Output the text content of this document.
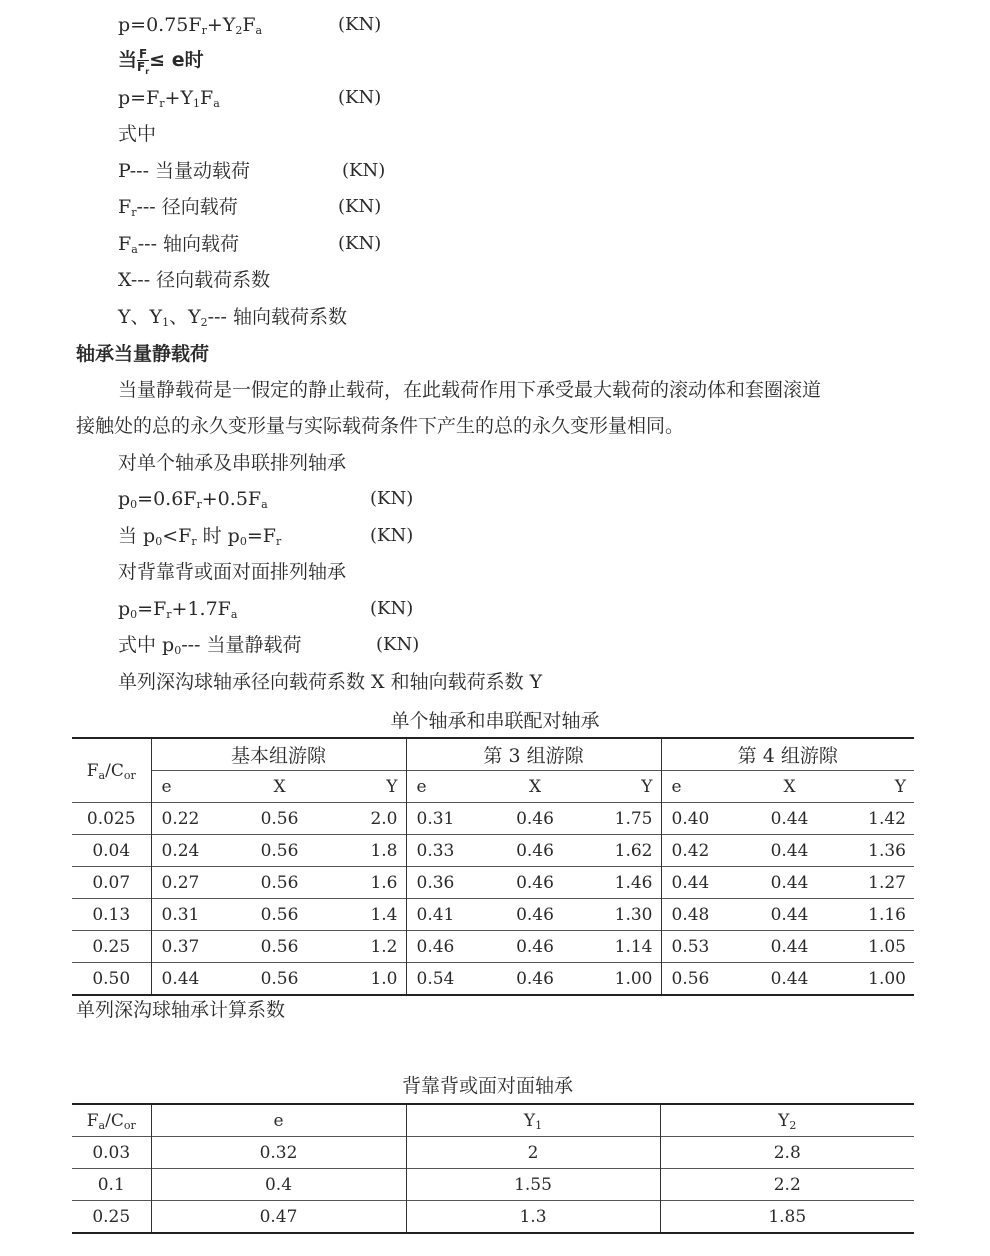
$p=0.75F_r+Y_2F_a$	(KN)
当 $\frac{F}{F_r} \le e$时
$p=F_r+Y_1F_a$	(KN)
式中
P--- 当量动载荷	(KN)
$F_r---$ 径向载荷	(KN)
$F_a---$ 轴向载荷	(KN)
X--- 径向载荷系数
Y、$Y_1$、$Y_2---$ 轴向载荷系数
轴承当量静载荷
当量静载荷是一假定的静止载荷，在此载荷作用下承受最大载荷的滚动体和套圈滚道
接触处的总的永久变形量与实际载荷条件下产生的总的永久变形量相同。
对单个轴承及串联排列轴承
$p_0=0.6F_r+0.5F_a$	(KN)
当 $p_0<F_r$ 时 $p_0=F_r$	(KN)
对背靠背或面对面排列轴承
$p_0=F_r+1.7F_a$	(KN)
式中 $p_0---$ 当量静载荷	(KN)
单列深沟球轴承径向载荷系数 X 和轴向载荷系数 Y
单个轴承和串联配对轴承
$F_a/C_{or}$	基本组游隙			第 3 组游隙			第 4 组游隙		
	e	X	Y	e	X	Y	e	X	Y
0.025	0.22	0.56	2.0	0.31	0.46	1.75	0.40	0.44	1.42
0.04	0.24	0.56	1.8	0.33	0.46	1.62	0.42	0.44	1.36
0.07	0.27	0.56	1.6	0.36	0.46	1.46	0.44	0.44	1.27
0.13	0.31	0.56	1.4	0.41	0.46	1.30	0.48	0.44	1.16
0.25	0.37	0.56	1.2	0.46	0.46	1.14	0.53	0.44	1.05
0.50	0.44	0.56	1.0	0.54	0.46	1.00	0.56	0.44	1.00
单列深沟球轴承计算系数
背靠背或面对面轴承
$F_a/C_{or}$	e	$Y_1$	$Y_2$
0.03	0.32	2	2.8
0.1	0.4	1.55	2.2
0.25	0.47	1.3	1.85
